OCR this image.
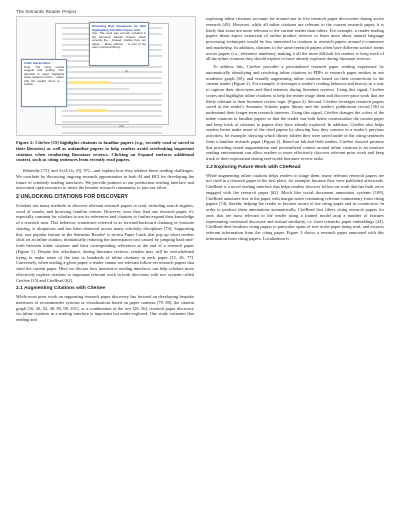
The Semantic Reader Project
Extending Rule Sequences for Web Highlighting Scientific Papers with...
Cite: This work was recently included in the Semantic Reader Project, which extends the... Instead, studies from our paper ... Many authors ... is part of the user's personal library...
Cited: Hierarchical ...
Note: The study results suggest that guiding user attention to paper highlights helps readers to focus ... paper with the explicit intent to ... citation ...
[1]
[14]
Figure 2: CiteSee [15] highlights citations to familiar papers (e.g., recently read or saved in their libraries) as well as unfamiliar papers to help readers avoid overlooking important citations when conducting literature reviews. Clicking on Expand surfaces additional context, such as citing sentences from recently read papers.

Relatedly [73], and SciA11y [9], 97]—and explain how they address these reading challenges. We conclude by discussing ongoing research opportunities in both AI and HCI for developing the future of scholarly reading interfaces. We provide pointers to our production reading interface and associated open resources to invite the broader research community to join our effort.

2 UNLOCKING CITATIONS FOR DISCOVERY

Scholars use many methods to discover relevant research papers to read, including search engines, word of mouth, and browsing familiar venues. However, once they find one research paper, it's especially common for scholars to use its references and citations to further expand their knowledge of a research area. This behavior, sometimes referred to as forward/backward chaining or footnote chasing, is ubiquitous and has been observed across many scholarly disciplines [74]. Supporting this, one popular feature in the Semantic Reader¹ is in-situ Paper Cards that pop up when readers click on an inline citation, dramatically reducing the interruption cost caused by jumping back-and-forth between inline citations and their corresponding references at the end of a research paper (Figure 1). Despite this affordance, during literature reviews, readers may still be overwhelmed trying to make sense of the tens to hundreds of inline citations in each paper [15, 26, 77]. Conversely, when reading a given paper, a reader cannot see relevant follow-on research papers that cited the current paper. Here we discuss how interactive reading interfaces can help scholars more effectively explore citations to important relevant work in both directions with two systems called CiteSee [15] and CiteRead [62].

2.1 Augmenting Citations with CiteSee

While most prior work on supporting research paper discovery has focused on developing bespoke interfaces of recommender systems or visualizations based on paper contents [79, 89], the citation graph [16, 30, 32, 48, 85, 98, 101], or a combination of the two [26, 56], research paper discovery via inline citations in a reading interface is important but under-explored. One study estimates that reading and

exploring inline citations accounts for around one in five research paper discoveries during active research [49]. However, while all inline citations are relevant to the current research paper, it is likely that some are more relevant to the current reader than others. For example, a reader reading papers about aspect extraction of online product reviews to learn more about natural language processing techniques would be less interested in citations to research papers around e-commerce and marketing. In addition, citations to the same research papers often have different surface forms across papers (i.e., reference numbers), making it all the more difficult for readers to keep track of all the inline citations they should explore or have already explored during literature reviews.

To address this, CiteSee provides a personalized research paper reading experience by automatically identifying and resolving inline citations in PDFs to research paper entities in our academic graph [50], and visually augmenting inline citations based on their connections to the current reader (Figure 2). For example, it leverages a reader's reading behavior and history as a way to capture their short-term and fluid interests during literature reviews. Using this signal, CiteSee scores and highlights inline citations to help the reader triage them and discover prior work that are likely relevant to their literature review topic (Figure 2). Second, CiteSee leverages research papers saved in the reader's Semantic Scholar paper library and the reader's publication record [36] to understand their longer-term research interests. Using this signal, CiteSee changes the colors of the inline citations to familiar papers so that the reader can both better contextualize the current paper and keep track of citations to papers they have already explored. In addition, CiteSee also helps readers better make sense of the cited papers by showing how they connect to a reader's previous activities; for example, showing which library folders they were saved under or the citing sentences from a familiar research paper (Figure 2). Based on lab and field studies, CiteSee showed promise that providing visual augmentation and personalized context around inline citations is an intuitive reading environment can allow readers to more effectively discover relevant prior work and keep track of their exploration during real-world literature review tasks.

2.2 Exploring Future Work with CiteRead

While augmenting inline citations helps readers to triage them, many relevant research papers are not cited in a research paper in the first place, for example, because they were published afterwards. CiteRead is a novel reading interface that helps readers discover follow-on work that has built on or engaged with the research paper [62]. Much like social document annotation systems [109], CiteRead annotates text in the paper with margin notes containing relevant commentary from citing papers [74], thereby helping the reader to become aware of the citing paper and its connection. In order to produce these annotations automatically, CiteRead first filters citing research papers for ones that are most relevant to the reader using a trained model atop a number of features representing contextual discourse and textual similarity, i.e. from scientific paper embeddings [24]. CiteRead then localizes citing papers to particular spans of text in the paper being read, and extracts relevant information from the citing paper. Figure 3 shows a research paper annotated with this information from citing papers. Localization is
